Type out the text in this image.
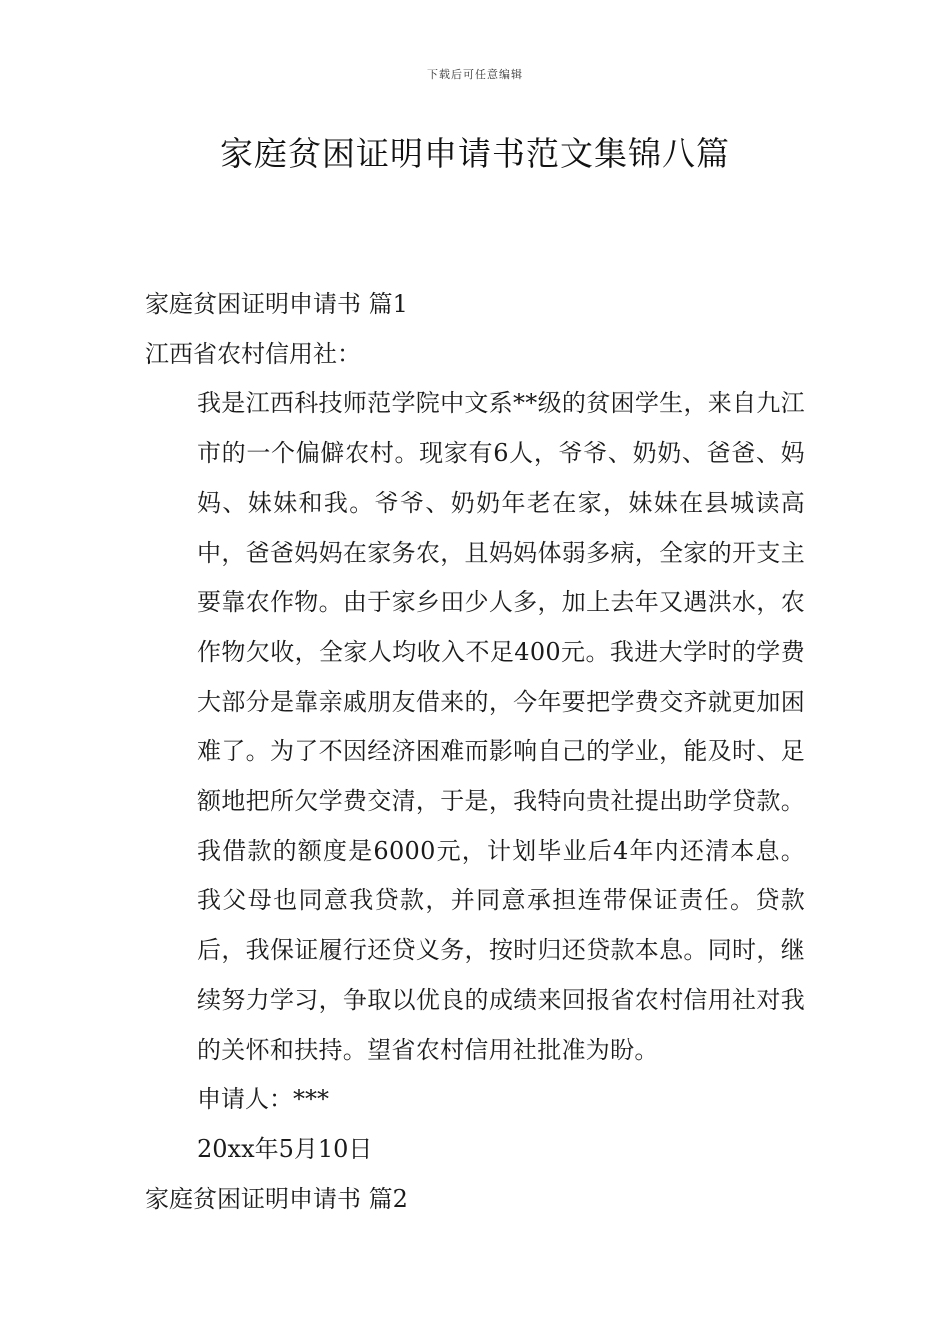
下载后可任意编辑
家庭贫困证明申请书范文集锦八篇
家庭贫困证明申请书 篇1
江西省农村信用社：
我是江西科技师范学院中文系**级的贫困学生，来自九江市的一个偏僻农村。现家有6人，爷爷、奶奶、爸爸、妈妈、妹妹和我。爷爷、奶奶年老在家，妹妹在县城读高中，爸爸妈妈在家务农，且妈妈体弱多病，全家的开支主要靠农作物。由于家乡田少人多，加上去年又遇洪水，农作物欠收，全家人均收入不足400元。我进大学时的学费大部分是靠亲戚朋友借来的，今年要把学费交齐就更加困难了。为了不因经济困难而影响自己的学业，能及时、足额地把所欠学费交清，于是，我特向贵社提出助学贷款。我借款的额度是6000元，计划毕业后4年内还清本息。我父母也同意我贷款，并同意承担连带保证责任。贷款后，我保证履行还贷义务，按时归还贷款本息。同时，继续努力学习，争取以优良的成绩来回报省农村信用社对我的关怀和扶持。望省农村信用社批准为盼。
申请人：***
20xx年5月10日
家庭贫困证明申请书 篇2
